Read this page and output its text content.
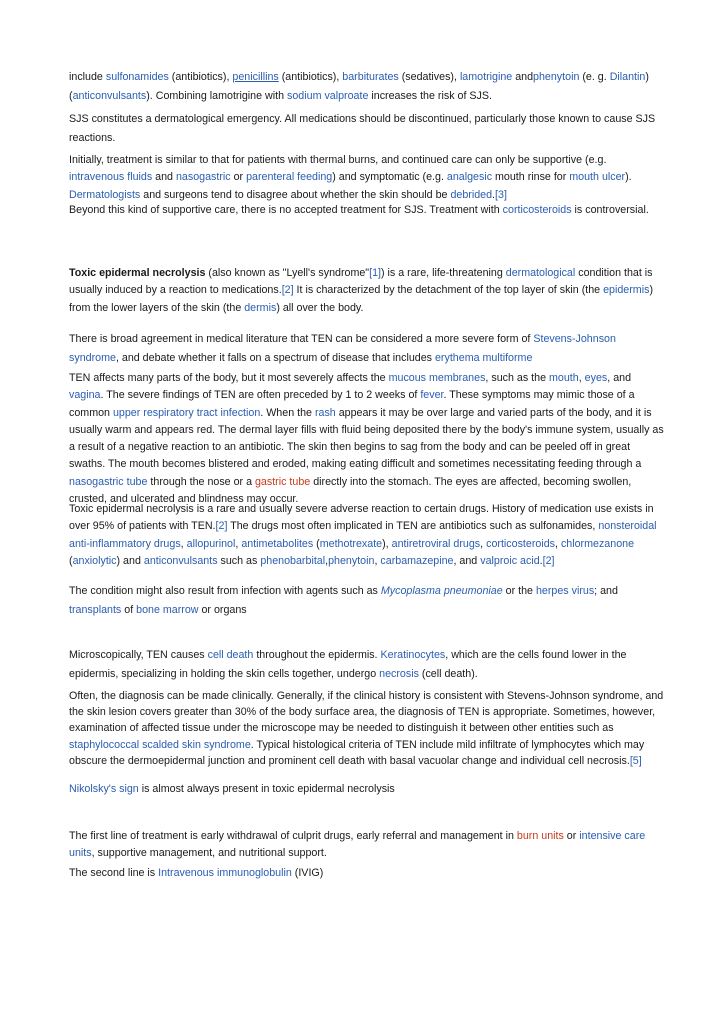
include sulfonamides (antibiotics), penicillins (antibiotics), barbiturates (sedatives), lamotrigine andphenytoin (e. g. Dilantin) (anticonvulsants). Combining lamotrigine with sodium valproate increases the risk of SJS.

SJS constitutes a dermatological emergency. All medications should be discontinued, particularly those known to cause SJS reactions.

Initially, treatment is similar to that for patients with thermal burns, and continued care can only be supportive (e.g. intravenous fluids and nasogastric or parenteral feeding) and symptomatic (e.g. analgesic mouth rinse for mouth ulcer). Dermatologists and surgeons tend to disagree about whether the skin should be debrided.[3]

Beyond this kind of supportive care, there is no accepted treatment for SJS. Treatment with corticosteroids is controversial.

Toxic epidermal necrolysis (also known as "Lyell's syndrome"[1]) is a rare, life-threatening dermatological condition that is usually induced by a reaction to medications.[2] It is characterized by the detachment of the top layer of skin (the epidermis) from the lower layers of the skin (the dermis) all over the body.

There is broad agreement in medical literature that TEN can be considered a more severe form of Stevens-Johnson syndrome, and debate whether it falls on a spectrum of disease that includes erythema multiforme

TEN affects many parts of the body, but it most severely affects the mucous membranes, such as the mouth, eyes, and vagina. The severe findings of TEN are often preceded by 1 to 2 weeks of fever. These symptoms may mimic those of a common upper respiratory tract infection. When the rash appears it may be over large and varied parts of the body, and it is usually warm and appears red. The dermal layer fills with fluid being deposited there by the body's immune system, usually as a result of a negative reaction to an antibiotic. The skin then begins to sag from the body and can be peeled off in great swaths. The mouth becomes blistered and eroded, making eating difficult and sometimes necessitating feeding through a nasogastric tube through the nose or a gastric tube directly into the stomach. The eyes are affected, becoming swollen, crusted, and ulcerated and blindness may occur.

Toxic epidermal necrolysis is a rare and usually severe adverse reaction to certain drugs. History of medication use exists in over 95% of patients with TEN.[2] The drugs most often implicated in TEN are antibiotics such as sulfonamides, nonsteroidal anti-inflammatory drugs, allopurinol, antimetabolites (methotrexate), antiretroviral drugs, corticosteroids, chlormezanone (anxiolytic) and anticonvulsants such as phenobarbital,phenytoin, carbamazepine, and valproic acid.[2]

The condition might also result from infection with agents such as Mycoplasma pneumoniae or the herpes virus; and transplants of bone marrow or organs

Microscopically, TEN causes cell death throughout the epidermis. Keratinocytes, which are the cells found lower in the epidermis, specializing in holding the skin cells together, undergo necrosis (cell death).

Often, the diagnosis can be made clinically. Generally, if the clinical history is consistent with Stevens-Johnson syndrome, and the skin lesion covers greater than 30% of the body surface area, the diagnosis of TEN is appropriate. Sometimes, however, examination of affected tissue under the microscope may be needed to distinguish it between other entities such as staphylococcal scalded skin syndrome. Typical histological criteria of TEN include mild infiltrate of lymphocytes which may obscure the dermoepidermal junction and prominent cell death with basal vacuolar change and individual cell necrosis.[5]

Nikolsky's sign is almost always present in toxic epidermal necrolysis

The first line of treatment is early withdrawal of culprit drugs, early referral and management in burn units or intensive care units, supportive management, and nutritional support.

The second line is Intravenous immunoglobulin (IVIG)
